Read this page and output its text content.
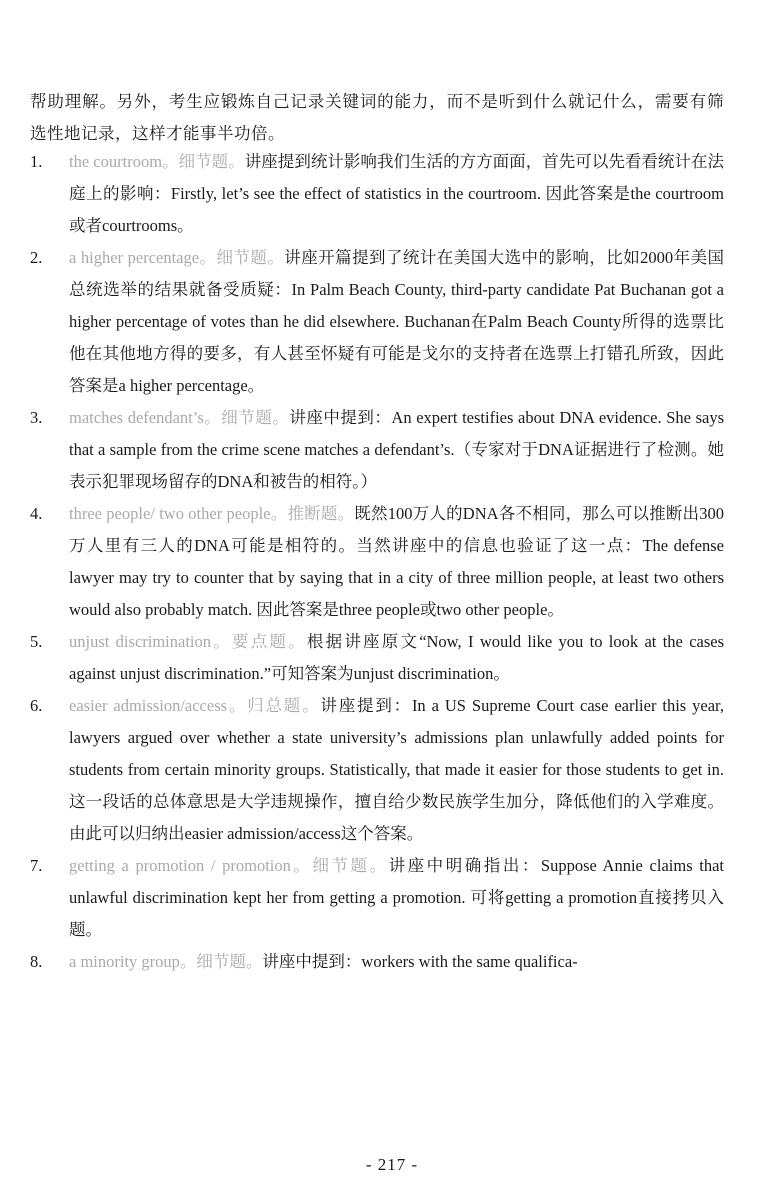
帮助理解。另外，考生应锻炼自己记录关键词的能力，而不是听到什么就记什么，需要有筛选性地记录，这样才能事半功倍。
1.	the courtroom。细节题。讲座提到统计影响我们生活的方方面面，首先可以先看看统计在法庭上的影响：Firstly, let’s see the effect of statistics in the courtroom. 因此答案是the courtroom或者courtrooms。
2.	a higher percentage。细节题。讲座开篇提到了统计在美国大选中的影响，比如2000年美国总统选举的结果就备受质疑：In Palm Beach County, third-party candidate Pat Buchanan got a higher percentage of votes than he did elsewhere. Buchanan在Palm Beach County所得的选票比他在其他地方得的要多，有人甚至怀疑有可能是戈尔的支持者在选票上打错孔所致，因此答案是a higher percentage。
3.	matches defendant’s。细节题。讲座中提到：An expert testifies about DNA evidence. She says that a sample from the crime scene matches a defendant’s.（专家对于DNA证据进行了检测。她表示犯罪现场留存的DNA和被告的相符。）
4.	three people/ two other people。推断题。既然100万人的DNA各不相同，那么可以推断出300万人里有三人的DNA可能是相符的。当然讲座中的信息也验证了这一点：The defense lawyer may try to counter that by saying that in a city of three million people, at least two others would also probably match. 因此答案是three people或two other people。
5.	unjust discrimination。要点题。根据讲座原文“Now, I would like you to look at the cases against unjust discrimination.”可知答案为unjust discrimination。
6.	easier admission/access。归总题。讲座提到：In a US Supreme Court case earlier this year, lawyers argued over whether a state university’s admissions plan unlawfully added points for students from certain minority groups. Statistically, that made it easier for those students to get in. 这一段话的总体意思是大学违规操作，擅自给少数民族学生加分，降低他们的入学难度。由此可以归纳出easier admission/access这个答案。
7.	getting a promotion / promotion。细节题。讲座中明确指出：Suppose Annie claims that unlawful discrimination kept her from getting a promotion. 可将getting a promotion直接拷贝入题。
8.	a minority group。细节题。讲座中提到：workers with the same qualifica-
- 217 -
